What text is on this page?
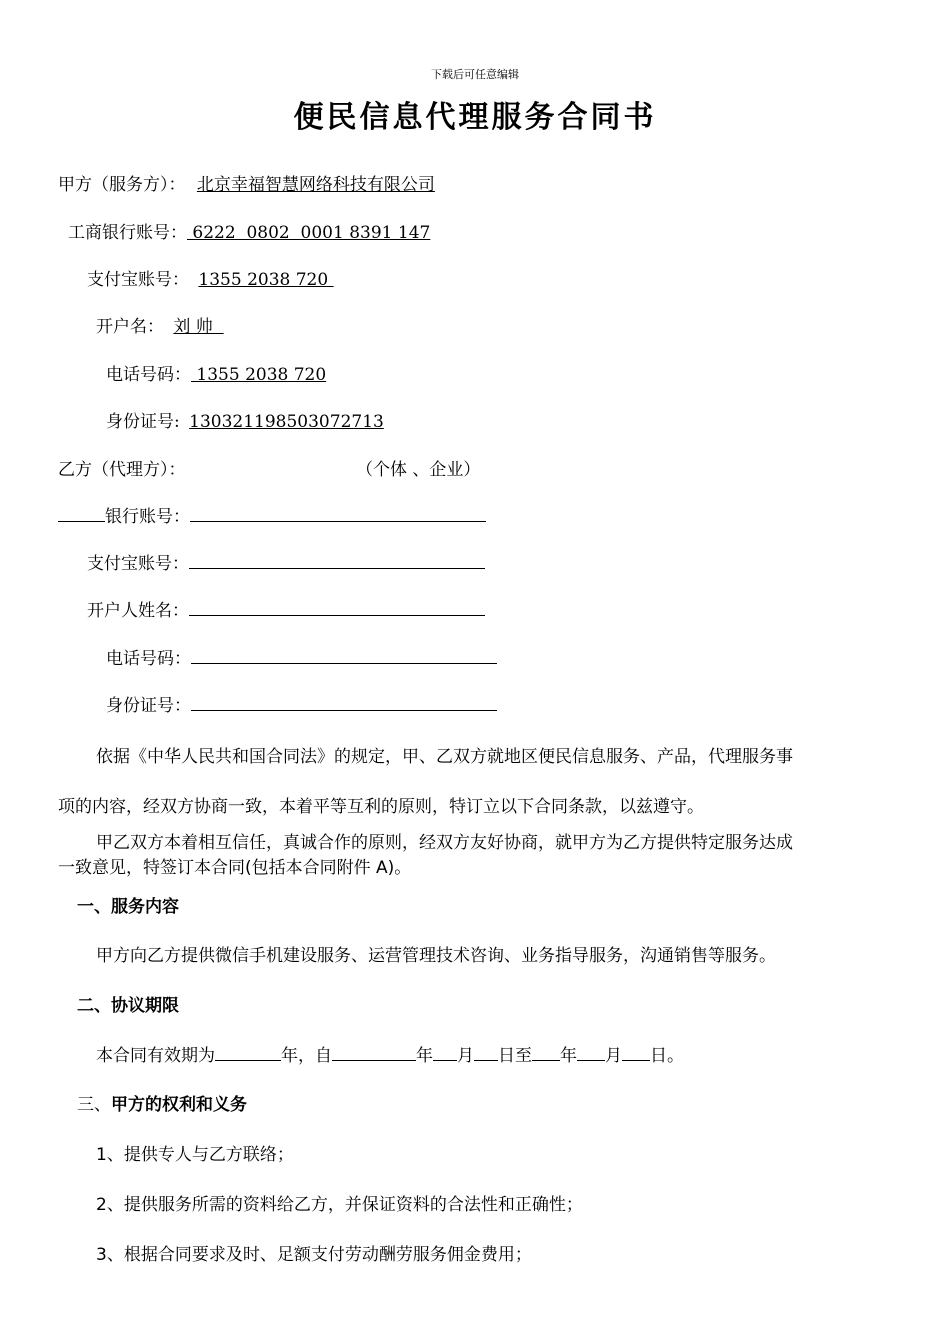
下载后可任意编辑
便民信息代理服务合同书
甲方（服务方）： 北京幸福智慧网络科技有限公司
工商银行账号： 6222  0802  0001 8391 147
支付宝账号： 1355 2038 720
开户名： 刘 帅
电话号码： 1355 2038 720
身份证号: 130321198503072713
乙方（代理方）：	（个体 、企业）
银行账号：
支付宝账号：
开户人姓名：
电话号码：
身份证号：
依据《中华人民共和国合同法》的规定，甲、乙双方就地区便民信息服务、产品，代理服务事
项的内容，经双方协商一致，本着平等互利的原则，特订立以下合同条款，以兹遵守。
甲乙双方本着相互信任，真诚合作的原则，经双方友好协商，就甲方为乙方提供特定服务达成
一致意见，特签订本合同(包括本合同附件 A)。
一、服务内容
甲方向乙方提供微信手机建设服务、运营管理技术咨询、业务指导服务，沟通销售等服务。
二、协议期限
本合同有效期为	年，自	年 月 日至 年 月 日。
三、甲方的权利和义务
1、提供专人与乙方联络；
2、提供服务所需的资料给乙方，并保证资料的合法性和正确性；
3、根据合同要求及时、足额支付劳动酬劳服务佣金费用；
